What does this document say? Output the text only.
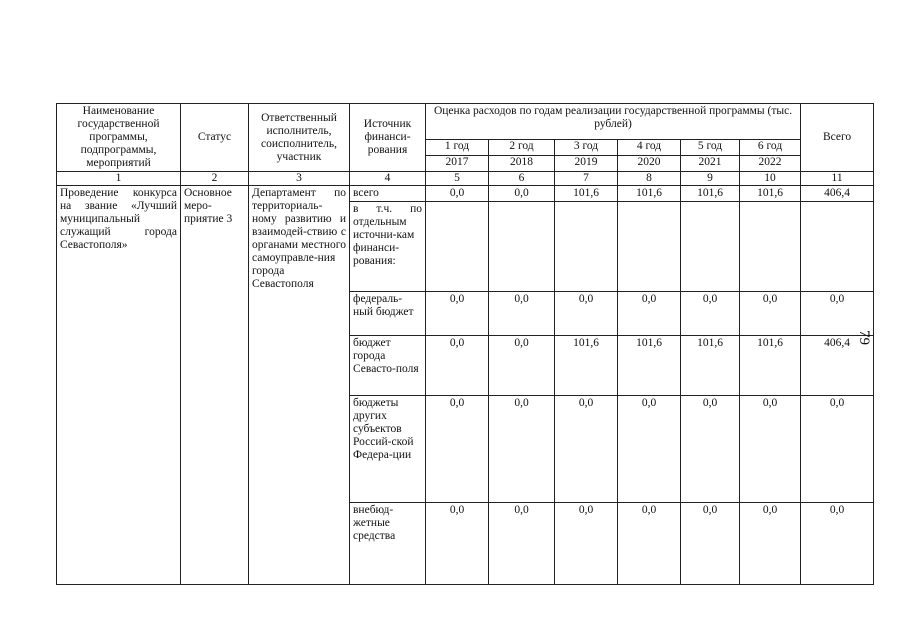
Наименование государственной программы, подпрограммы, мероприятий	Статус	Ответственный исполнитель, соисполнитель, участник	Источник финанси-рования	Оценка расходов по годам реализации государственной программы (тыс. рублей)						Всего
				1 год	2 год	3 год	4 год	5 год	6 год	
				2017	2018	2019	2020	2021	2022	
1	2	3	4	5	6	7	8	9	10	11
Проведение конкурса на звание «Лучший муниципальный служащий города Севастополя»	Основное меро-приятие 3	Департамент по территориаль-ному развитию и взаимодей-ствию с органами местного самоуправле-ния города Севастополя	всего	0,0	0,0	101,6	101,6	101,6	101,6	406,4
			в т.ч. по отдельным источни-кам финанси-рования:							
			федераль-ный бюджет	0,0	0,0	0,0	0,0	0,0	0,0	0,0
			бюджет города Севасто-поля	0,0	0,0	101,6	101,6	101,6	101,6	406,4
			бюджеты других субъектов Россий-ской Федера-ции	0,0	0,0	0,0	0,0	0,0	0,0	0,0
			внебюд-жетные средства	0,0	0,0	0,0	0,0	0,0	0,0	0,0
79
